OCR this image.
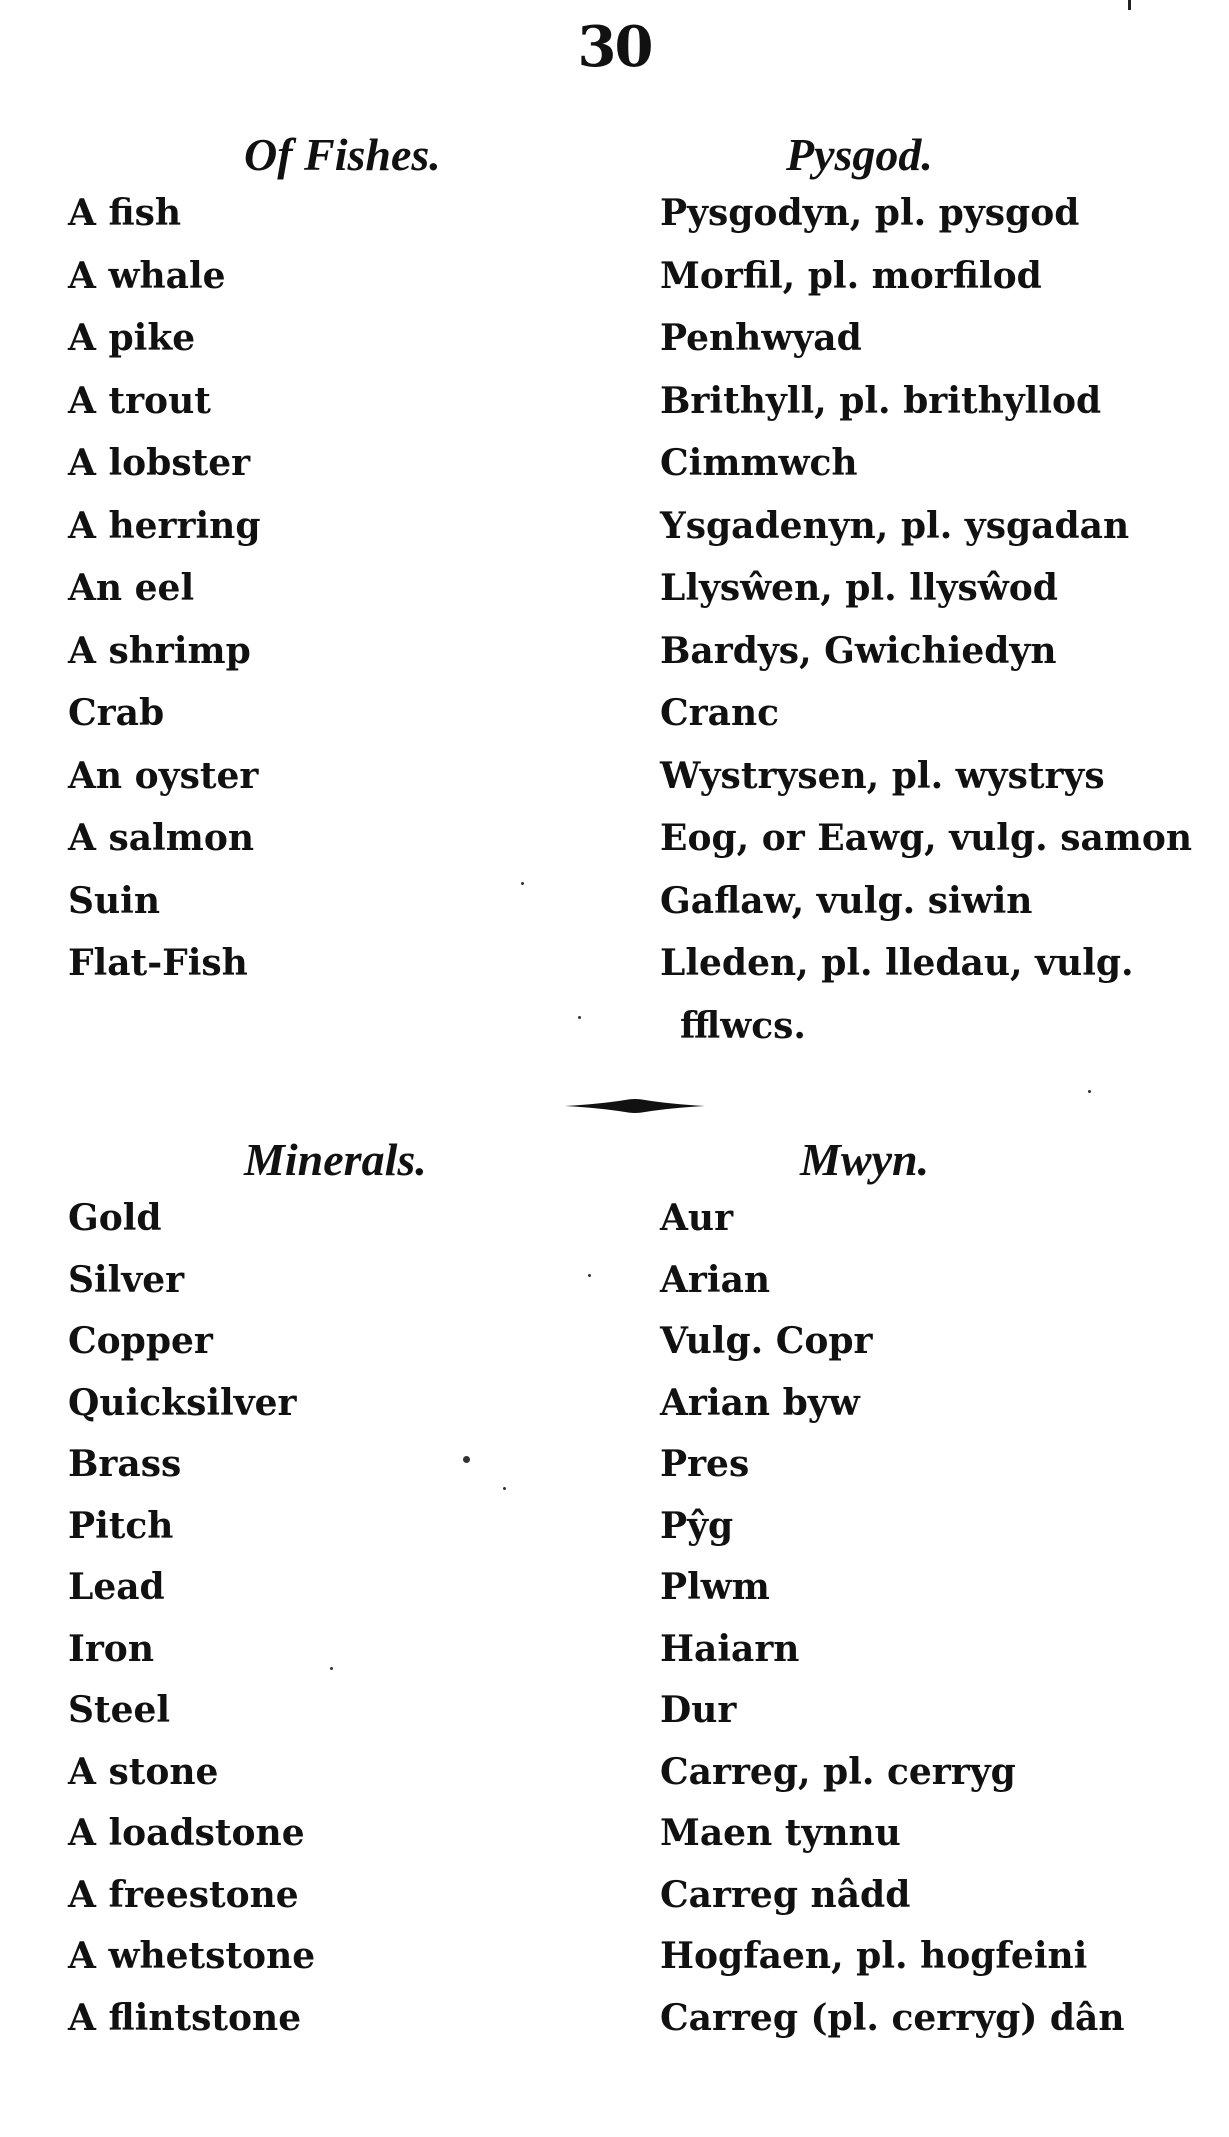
30
Of Fishes.	Pysgod.
A fish	Pysgodyn, pl. pysgod
A whale	Morfil, pl. morfilod
A pike	Penhwyad
A trout	Brithyll, pl. brithyllod
A lobster	Cimmwch
A herring	Ysgadenyn, pl. ysgadan
An eel	Llysŵen, pl. llysŵod
A shrimp	Bardys, Gwichiedyn
Crab	Cranc
An oyster	Wystrysen, pl. wystrys
A salmon	Eog, or Eawg, vulg. samon
Suin	Gaflaw, vulg. siwin
Flat-Fish	Lleden, pl. lledau, vulg.
fflwcs.
Minerals.	Mwyn.
Gold	Aur
Silver	Arian
Copper	Vulg. Copr
Quicksilver	Arian byw
Brass	Pres
Pitch	Pŷg
Lead	Plwm
Iron	Haiarn
Steel	Dur
A stone	Carreg, pl. cerryg
A loadstone	Maen tynnu
A freestone	Carreg nâdd
A whetstone	Hogfaen, pl. hogfeini
A flintstone	Carreg (pl. cerryg) dân
